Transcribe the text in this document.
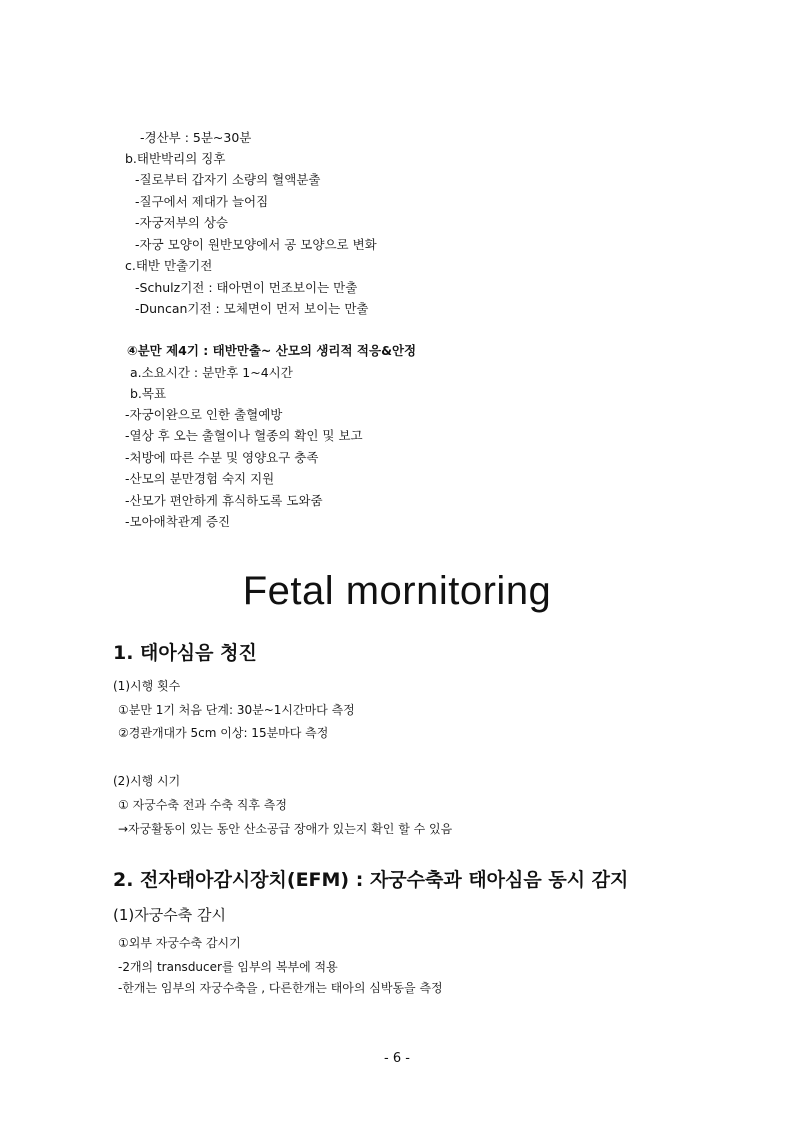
-경산부 : 5분~30분
b.태반박리의 징후
-질로부터 갑자기 소량의 혈액분출
-질구에서 제대가 늘어짐
-자궁저부의 상승
-자궁 모양이 원반모양에서 공 모양으로 변화
c.태반 만출기전
-Schulz기전 : 태아면이 먼조보이는 만출
-Duncan기전 : 모체면이 먼저 보이는 만출
④분만 제4기 : 태반만출~ 산모의 생리적 적응&안정
a.소요시간 : 분만후 1~4시간
b.목표
-자궁이완으로 인한 출혈예방
-열상 후 오는 출혈이나 혈종의 확인 및 보고
-처방에 따른 수분 및 영양요구 충족
-산모의 분만경험 숙지 지원
-산모가 편안하게 휴식하도록 도와줌
-모아애착관계 증진
Fetal mornitoring
1. 태아심음 청진
(1)시행 횟수
①분만 1기 처음 단계: 30분~1시간마다 측정
②경관개대가 5cm 이상: 15분마다 측정
(2)시행 시기
① 자궁수축 전과 수축 직후 측정
→자궁활동이 있는 동안 산소공급 장애가 있는지 확인 할 수 있음
2. 전자태아감시장치(EFM) : 자궁수축과 태아심음 동시 감지
(1)자궁수축 감시
①외부 자궁수축 감시기
-2개의 transducer를 임부의 복부에 적용
-한개는 임부의 자궁수축을 , 다른한개는 태아의 심박동을 측정
- 6 -
